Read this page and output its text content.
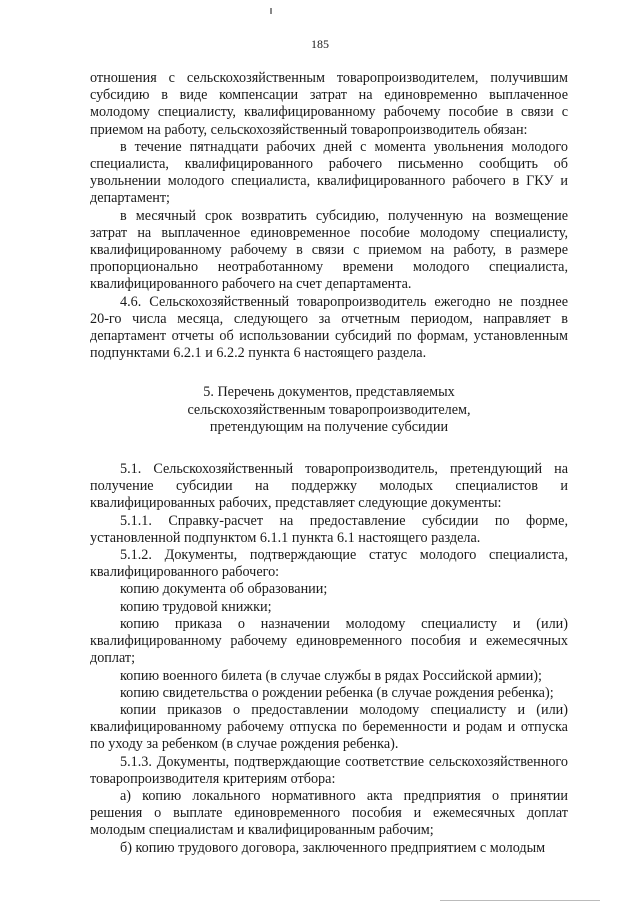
185

отношения с сельскохозяйственным товаропроизводителем, получившим субсидию в виде компенсации затрат на единовременно выплаченное молодому специалисту, квалифицированному рабочему пособие в связи с приемом на работу, сельскохозяйственный товаропроизводитель обязан:

в течение пятнадцати рабочих дней с момента увольнения молодого специалиста, квалифицированного рабочего письменно сообщить об увольнении молодого специалиста, квалифицированного рабочего в ГКУ и департамент;

в месячный срок возвратить субсидию, полученную на возмещение затрат на выплаченное единовременное пособие молодому специалисту, квалифицированному рабочему в связи с приемом на работу, в размере пропорционально неотработанному времени молодого специалиста, квалифицированного рабочего на счет департамента.

4.6. Сельскохозяйственный товаропроизводитель ежегодно не позднее 20-го числа месяца, следующего за отчетным периодом, направляет в департамент отчеты об использовании субсидий по формам, установленным подпунктами 6.2.1 и 6.2.2 пункта 6 настоящего раздела.

5. Перечень документов, представляемых
сельскохозяйственным товаропроизводителем,
претендующим на получение субсидии

5.1. Сельскохозяйственный товаропроизводитель, претендующий на получение субсидии на поддержку молодых специалистов и квалифицированных рабочих, представляет следующие документы:

5.1.1. Справку-расчет на предоставление субсидии по форме, установленной подпунктом 6.1.1 пункта 6.1 настоящего раздела.

5.1.2. Документы, подтверждающие статус молодого специалиста, квалифицированного рабочего:

копию документа об образовании;

копию трудовой книжки;

копию приказа о назначении молодому специалисту и (или) квалифицированному рабочему единовременного пособия и ежемесячных доплат;

копию военного билета (в случае службы в рядах Российской армии);

копию свидетельства о рождении ребенка (в случае рождения ребенка);

копии приказов о предоставлении молодому специалисту и (или) квалифицированному рабочему отпуска по беременности и родам и отпуска по уходу за ребенком (в случае рождения ребенка).

5.1.3. Документы, подтверждающие соответствие сельскохозяйственного товаропроизводителя критериям отбора:

а) копию локального нормативного акта предприятия о принятии решения о выплате единовременного пособия и ежемесячных доплат молодым специалистам и квалифицированным рабочим;

б) копию трудового договора, заключенного предприятием с молодым
